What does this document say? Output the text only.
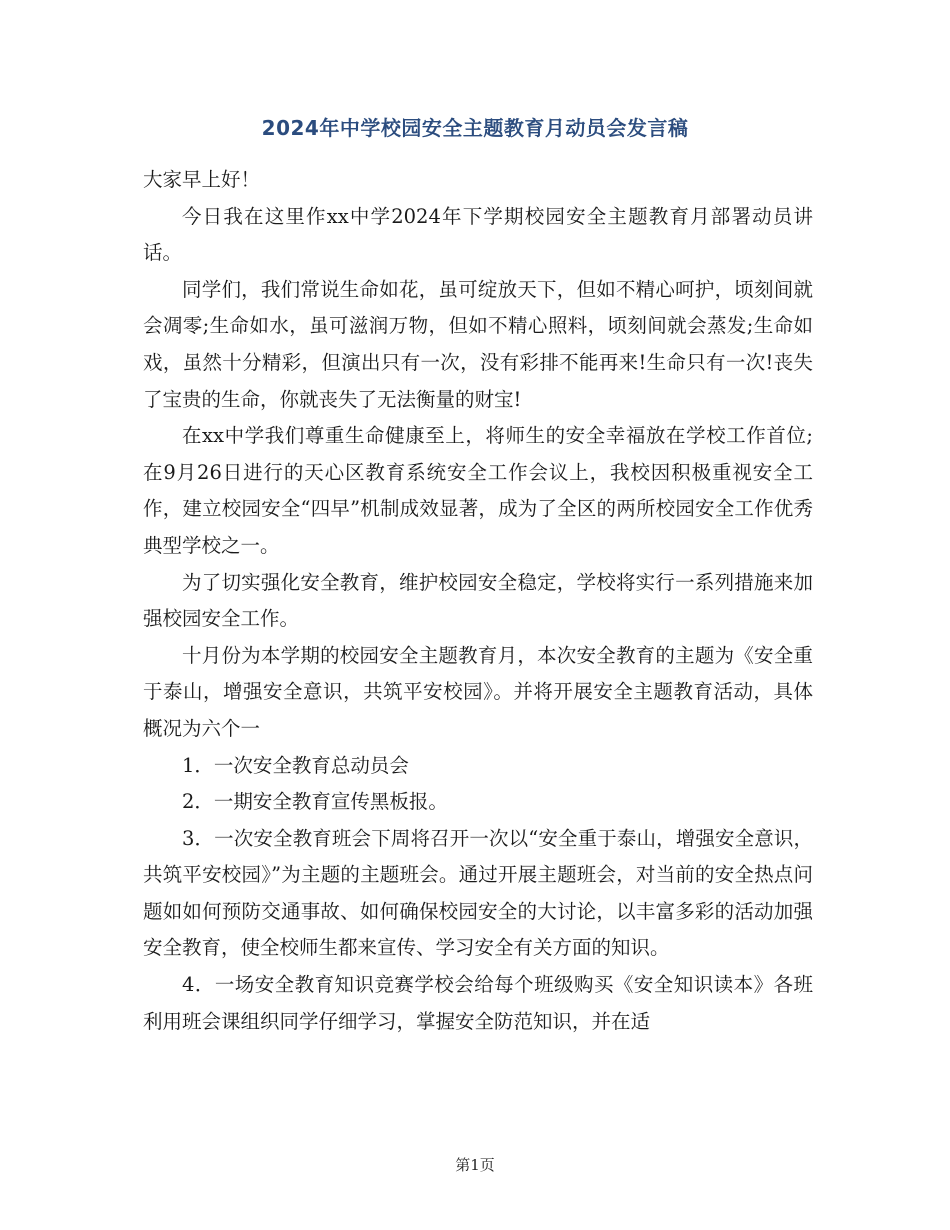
2024年中学校园安全主题教育月动员会发言稿

大家早上好！

今日我在这里作xx中学2024年下学期校园安全主题教育月部署动员讲话。

同学们，我们常说生命如花，虽可绽放天下，但如不精心呵护，顷刻间就会凋零;生命如水，虽可滋润万物，但如不精心照料，顷刻间就会蒸发;生命如戏，虽然十分精彩，但演出只有一次，没有彩排不能再来!生命只有一次!丧失了宝贵的生命，你就丧失了无法衡量的财宝!

在xx中学我们尊重生命健康至上，将师生的安全幸福放在学校工作首位;在9月26日进行的天心区教育系统安全工作会议上，我校因积极重视安全工作，建立校园安全“四早”机制成效显著，成为了全区的两所校园安全工作优秀典型学校之一。

为了切实强化安全教育，维护校园安全稳定，学校将实行一系列措施来加强校园安全工作。

十月份为本学期的校园安全主题教育月，本次安全教育的主题为《安全重于泰山，增强安全意识，共筑平安校园》。并将开展安全主题教育活动，具体概况为六个一

1．一次安全教育总动员会

2．一期安全教育宣传黑板报。

3．一次安全教育班会下周将召开一次以“安全重于泰山，增强安全意识，共筑平安校园》”为主题的主题班会。通过开展主题班会，对当前的安全热点问题如如何预防交通事故、如何确保校园安全的大讨论，以丰富多彩的活动加强安全教育，使全校师生都来宣传、学习安全有关方面的知识。

4．一场安全教育知识竞赛学校会给每个班级购买《安全知识读本》各班利用班会课组织同学仔细学习，掌握安全防范知识，并在适

第1页
